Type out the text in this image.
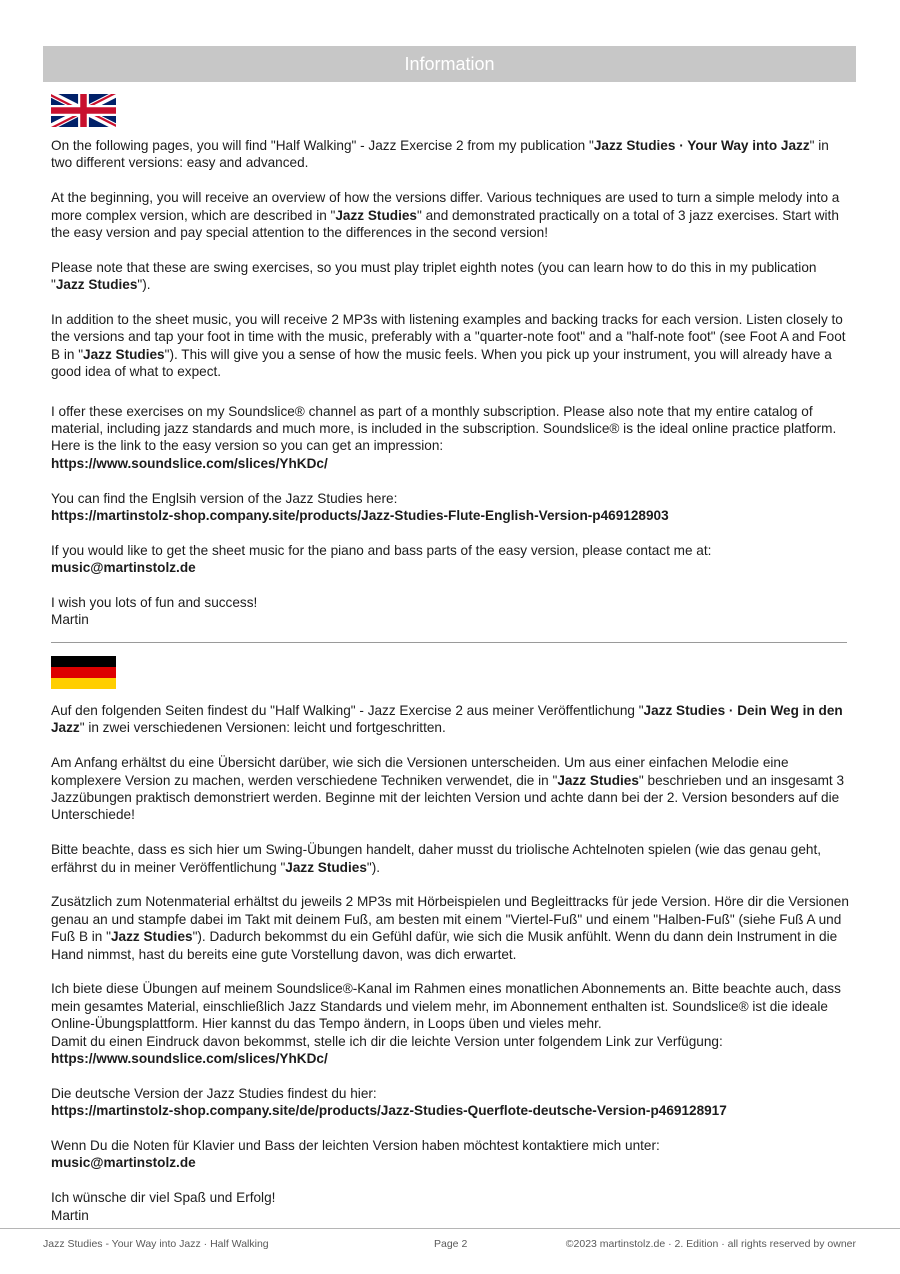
Information

On the following pages, you will find "Half Walking" - Jazz Exercise 2 from my publication "Jazz Studies · Your Way into Jazz" in two different versions: easy and advanced.

At the beginning, you will receive an overview of how the versions differ. Various techniques are used to turn a simple melody into a more complex version, which are described in "Jazz Studies" and demonstrated practically on a total of 3 jazz exercises. Start with the easy version and pay special attention to the differences in the second version!

Please note that these are swing exercises, so you must play triplet eighth notes (you can learn how to do this in my publication "Jazz Studies").

In addition to the sheet music, you will receive 2 MP3s with listening examples and backing tracks for each version. Listen closely to the versions and tap your foot in time with the music, preferably with a "quarter-note foot" and a "half-note foot" (see Foot A and Foot B in "Jazz Studies"). This will give you a sense of how the music feels. When you pick up your instrument, you will already have a good idea of what to expect.

I offer these exercises on my Soundslice® channel as part of a monthly subscription. Please also note that my entire catalog of material, including jazz standards and much more, is included in the subscription. Soundslice® is the ideal online practice platform. Here is the link to the easy version so you can get an impression:
https://www.soundslice.com/slices/YhKDc/

You can find the Englsih version of the Jazz Studies here:
https://martinstolz-shop.company.site/products/Jazz-Studies-Flute-English-Version-p469128903

If you would like to get the sheet music for the piano and bass parts of the easy version, please contact me at:
music@martinstolz.de

I wish you lots of fun and success!
Martin

Auf den folgenden Seiten findest du "Half Walking" - Jazz Exercise 2 aus meiner Veröffentlichung "Jazz Studies · Dein Weg in den Jazz" in zwei verschiedenen Versionen: leicht und fortgeschritten.

Am Anfang erhältst du eine Übersicht darüber, wie sich die Versionen unterscheiden. Um aus einer einfachen Melodie eine komplexere Version zu machen, werden verschiedene Techniken verwendet, die in "Jazz Studies" beschrieben und an insgesamt 3 Jazzübungen praktisch demonstriert werden. Beginne mit der leichten Version und achte dann bei der 2. Version besonders auf die Unterschiede!

Bitte beachte, dass es sich hier um Swing-Übungen handelt, daher musst du triolische Achtelnoten spielen (wie das genau geht, erfährst du in meiner Veröffentlichung "Jazz Studies").

Zusätzlich zum Notenmaterial erhältst du jeweils 2 MP3s mit Hörbeispielen und Begleittracks für jede Version. Höre dir die Versionen genau an und stampfe dabei im Takt mit deinem Fuß, am besten mit einem "Viertel-Fuß" und einem "Halben-Fuß" (siehe Fuß A und Fuß B in "Jazz Studies"). Dadurch bekommst du ein Gefühl dafür, wie sich die Musik anfühlt. Wenn du dann dein Instrument in die Hand nimmst, hast du bereits eine gute Vorstellung davon, was dich erwartet.

Ich biete diese Übungen auf meinem Soundslice®-Kanal im Rahmen eines monatlichen Abonnements an. Bitte beachte auch, dass mein gesamtes Material, einschließlich Jazz Standards und vielem mehr, im Abonnement enthalten ist. Soundslice® ist die ideale Online-Übungsplattform. Hier kannst du das Tempo ändern, in Loops üben und vieles mehr.
Damit du einen Eindruck davon bekommst, stelle ich dir die leichte Version unter folgendem Link zur Verfügung:
https://www.soundslice.com/slices/YhKDc/

Die deutsche Version der Jazz Studies findest du hier:
https://martinstolz-shop.company.site/de/products/Jazz-Studies-Querflote-deutsche-Version-p469128917

Wenn Du die Noten für Klavier und Bass der leichten Version haben möchtest kontaktiere mich unter:
music@martinstolz.de

Ich wünsche dir viel Spaß und Erfolg!
Martin

Jazz Studies - Your Way into Jazz · Half Walking	Page 2	©2023 martinstolz.de · 2. Edition · all rights reserved by owner
